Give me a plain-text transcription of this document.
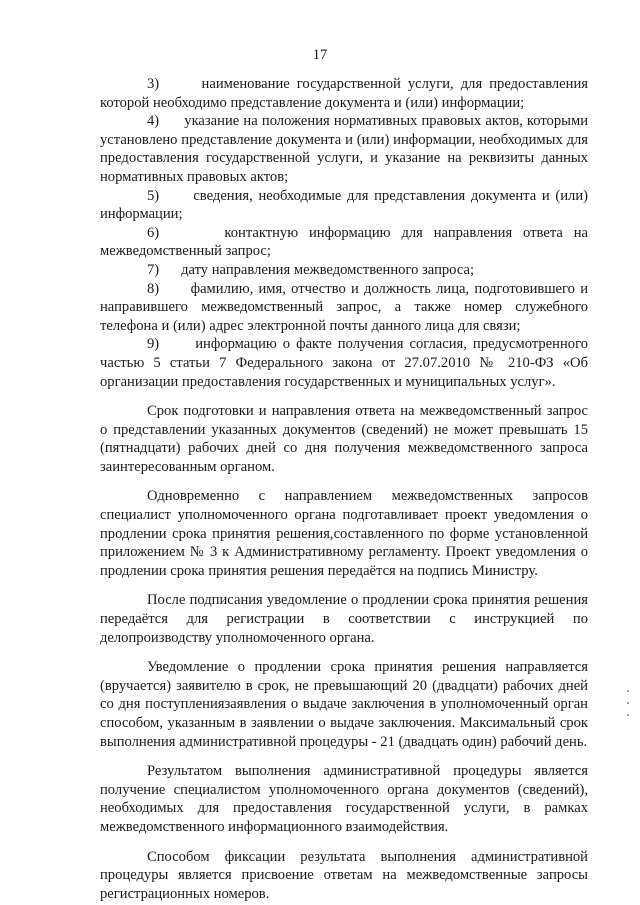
17

3)	наименование государственной услуги, для предоставления которой необходимо представление документа и (или) информации;

4) указание на положения нормативных правовых актов, которыми установлено представление документа и (или) информации, необходимых для предоставления государственной услуги, и указание на реквизиты данных нормативных правовых актов;

5) сведения, необходимые для представления документа и (или) информации;

6)	контактную информацию для направления ответа на межведомственный запрос;

7) дату направления межведомственного запроса;

8) фамилию, имя, отчество и должность лица, подготовившего и направившего межведомственный запрос, а также номер служебного телефона и (или) адрес электронной почты данного лица для связи;

9) информацию о факте получения согласия, предусмотренного частью 5 статьи 7 Федерального закона от 27.07.2010 № 210-ФЗ «Об организации предоставления государственных и муниципальных услуг».

Срок подготовки и направления ответа на межведомственный запрос о представлении указанных документов (сведений) не может превышать 15 (пятнадцати) рабочих дней со дня получения межведомственного запроса заинтересованным органом.

Одновременно с направлением межведомственных запросов специалист уполномоченного органа подготавливает проект уведомления о продлении срока принятия решения,составленного по форме установленной приложением № 3 к Административному регламенту. Проект уведомления о продлении срока принятия решения передаётся на подпись Министру.

После подписания уведомление о продлении срока принятия решения передаётся для регистрации в соответствии с инструкцией по делопроизводству уполномоченного органа.

Уведомление о продлении срока принятия решения направляется (вручается) заявителю в срок, не превышающий 20 (двадцати) рабочих дней со дня поступлениязаявления о выдаче заключения в уполномоченный орган способом, указанным в заявлении о выдаче заключения. Максимальный срок выполнения административной процедуры - 21 (двадцать один) рабочий день.

Результатом выполнения административной процедуры является получение специалистом уполномоченного органа документов (сведений), необходимых для предоставления государственной услуги, в рамках межведомственного информационного взаимодействия.

Способом фиксации результата выполнения административной процедуры является присвоение ответам на межведомственные запросы регистрационных номеров.
